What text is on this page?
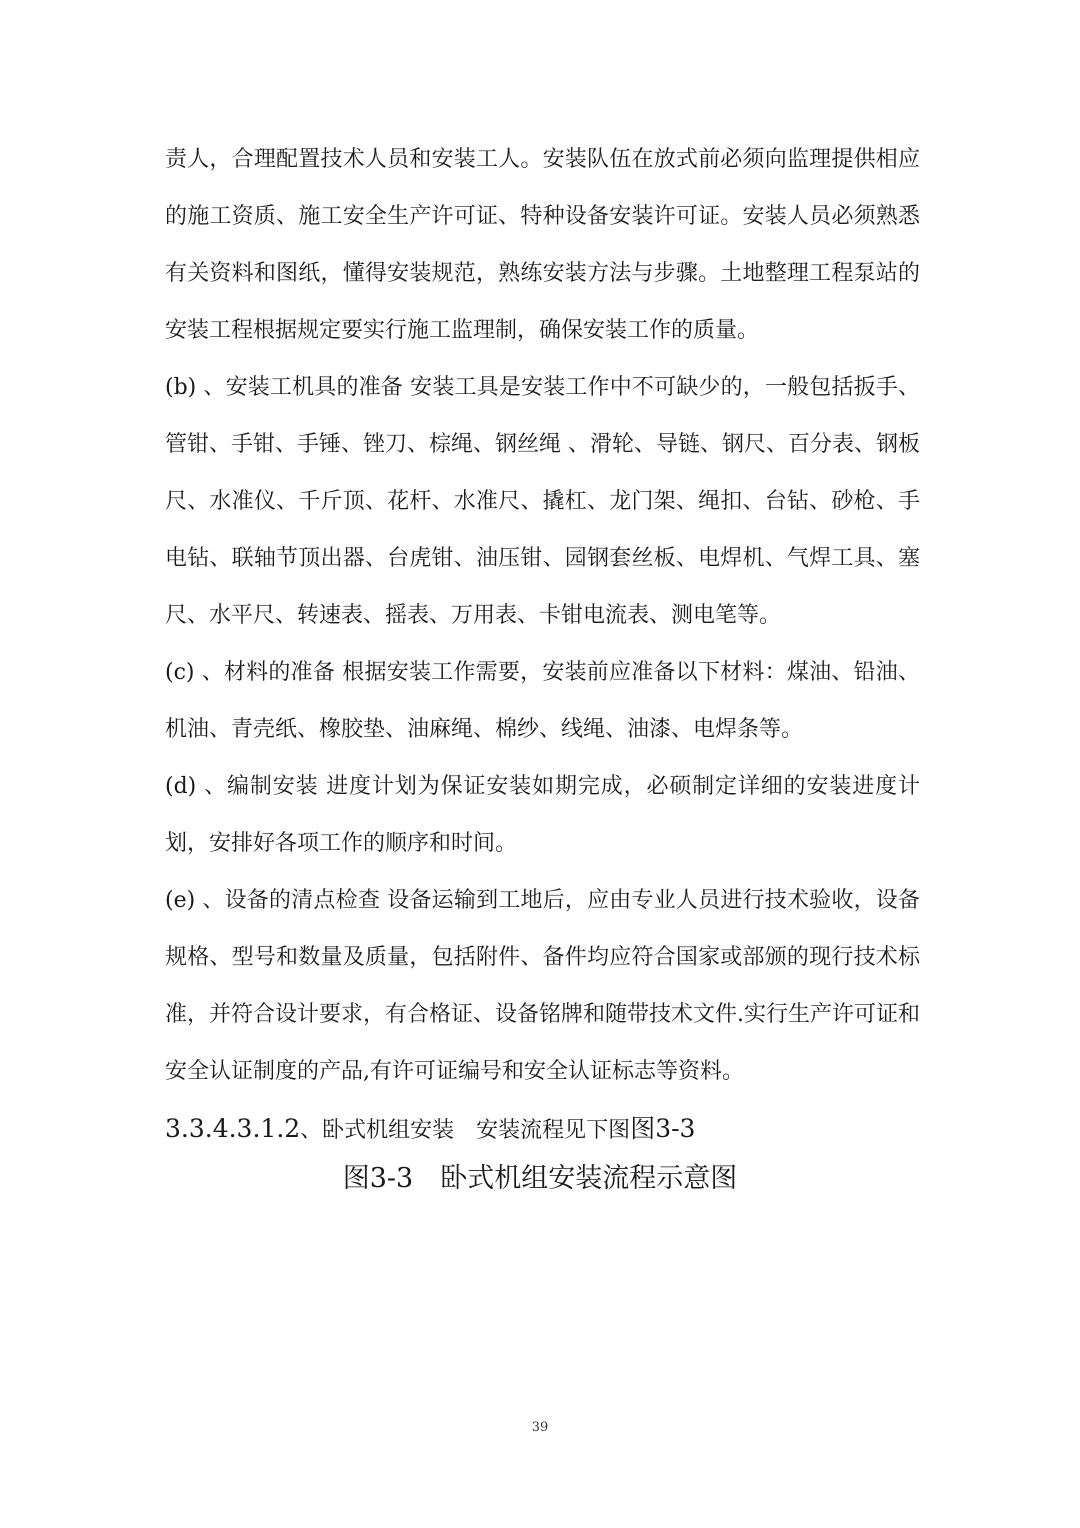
责人，合理配置技术人员和安装工人。安装队伍在放式前必须向监理提供相应的施工资质、施工安全生产许可证、特种设备安装许可证。安装人员必须熟悉有关资料和图纸，懂得安装规范，熟练安装方法与步骤。土地整理工程泵站的安装工程根据规定要实行施工监理制，确保安装工作的质量。

(b) 、安装工机具的准备 安装工具是安装工作中不可缺少的，一般包括扳手、管钳、手钳、手锤、锉刀、棕绳、钢丝绳 、滑轮、导链、钢尺、百分表、钢板尺、水准仪、千斤顶、花杆、水准尺、撬杠、龙门架、绳扣、台钻、砂枪、手电钻、联轴节顶出器、台虎钳、油压钳、园钢套丝板、电焊机、气焊工具、塞尺、水平尺、转速表、摇表、万用表、卡钳电流表、测电笔等。

(c) 、材料的准备 根据安装工作需要，安装前应准备以下材料：煤油、铅油、机油、青壳纸、橡胶垫、油麻绳、棉纱、线绳、油漆、电焊条等。

(d) 、编制安装 进度计划为保证安装如期完成，必硕制定详细的安装进度计划，安排好各项工作的顺序和时间。

(e) 、设备的清点检查 设备运输到工地后，应由专业人员进行技术验收，设备规格、型号和数量及质量，包括附件、备件均应符合国家或部颁的现行技术标准，并符合设计要求，有合格证、设备铭牌和随带技术文件.实行生产许可证和安全认证制度的产品,有许可证编号和安全认证标志等资料。

3.3.4.3.1.2、卧式机组安装　安装流程见下图图3-3

图3-3　卧式机组安装流程示意图

39
